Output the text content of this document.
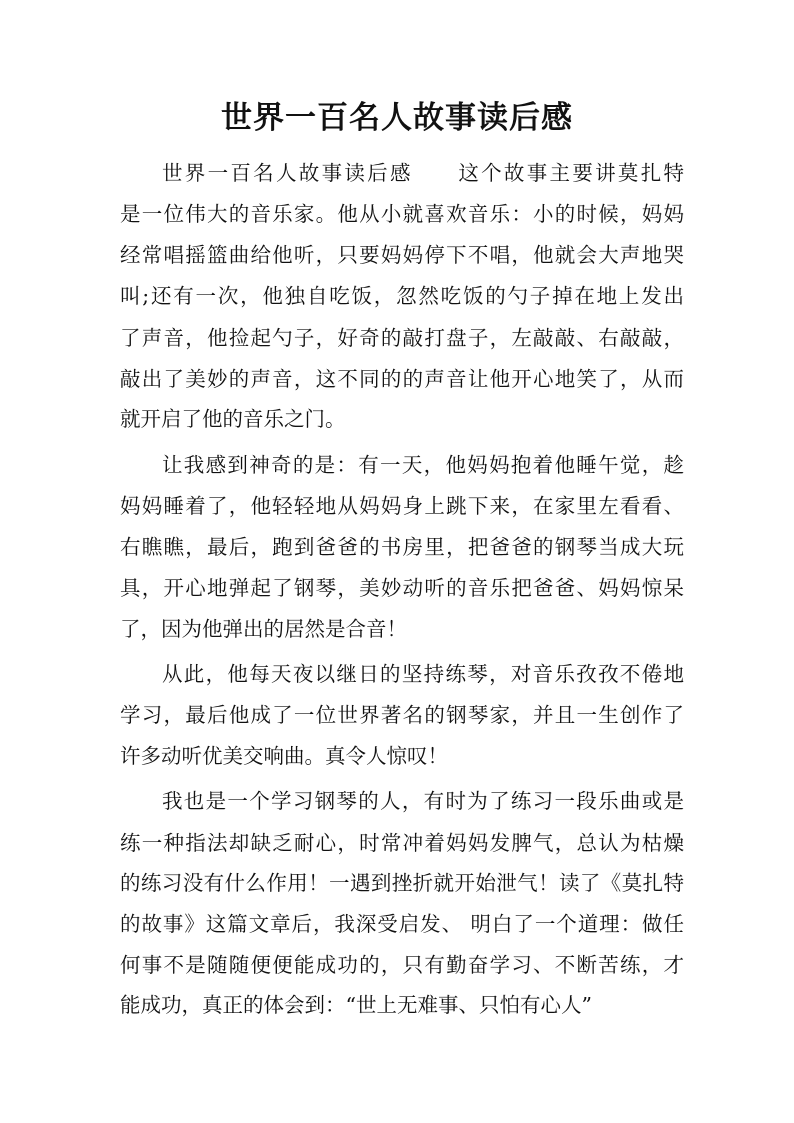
世界一百名人故事读后感

世界一百名人故事读后感　　这个故事主要讲莫扎特

是一位伟大的音乐家。他从小就喜欢音乐：小的时候，妈妈

经常唱摇篮曲给他听，只要妈妈停下不唱，他就会大声地哭

叫;还有一次，他独自吃饭，忽然吃饭的勺子掉在地上发出

了声音，他捡起勺子，好奇的敲打盘子，左敲敲、右敲敲，

敲出了美妙的声音，这不同的的声音让他开心地笑了，从而

就开启了他的音乐之门。

让我感到神奇的是：有一天，他妈妈抱着他睡午觉，趁

妈妈睡着了，他轻轻地从妈妈身上跳下来，在家里左看看、

右瞧瞧，最后，跑到爸爸的书房里，把爸爸的钢琴当成大玩

具，开心地弹起了钢琴，美妙动听的音乐把爸爸、妈妈惊呆

了，因为他弹出的居然是合音！

从此，他每天夜以继日的坚持练琴，对音乐孜孜不倦地

学习，最后他成了一位世界著名的钢琴家，并且一生创作了

许多动听优美交响曲。真令人惊叹！

我也是一个学习钢琴的人，有时为了练习一段乐曲或是

练一种指法却缺乏耐心，时常冲着妈妈发脾气，总认为枯燥

的练习没有什么作用！一遇到挫折就开始泄气！读了《莫扎特

的故事》这篇文章后，我深受启发、 明白了一个道理：做任

何事不是随随便便能成功的，只有勤奋学习、不断苦练，才

能成功，真正的体会到：“世上无难事、只怕有心人”
